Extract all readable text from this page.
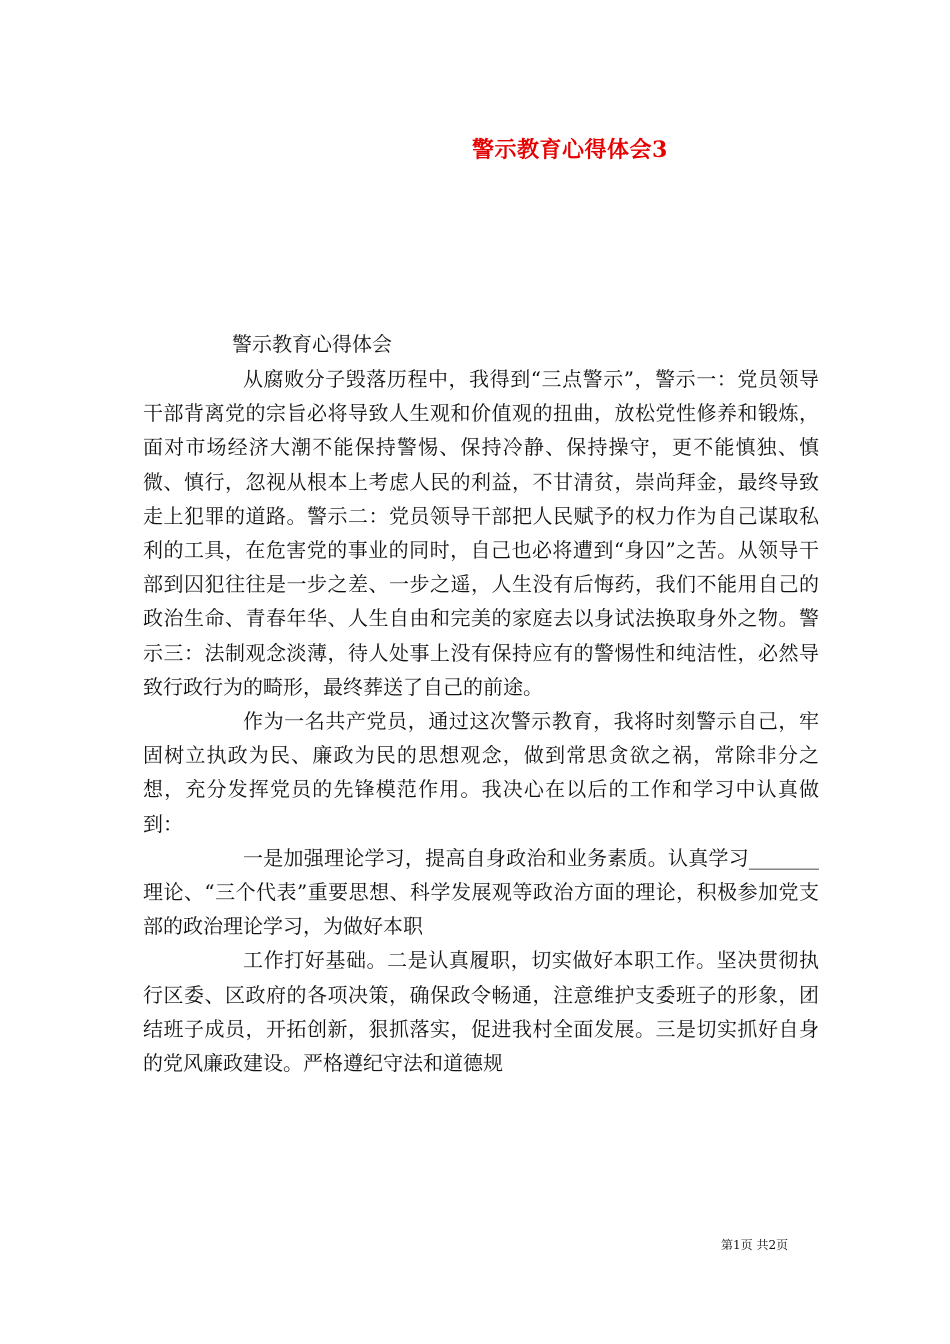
警示教育心得体会3
警示教育心得体会

从腐败分子毁落历程中，我得到“三点警示”，警示一：党员领导干部背离党的宗旨必将导致人生观和价值观的扭曲，放松党性修养和锻炼，面对市场经济大潮不能保持警惕、保持冷静、保持操守，更不能慎独、慎微、慎行，忽视从根本上考虑人民的利益，不甘清贫，崇尚拜金，最终导致走上犯罪的道路。警示二：党员领导干部把人民赋予的权力作为自己谋取私利的工具，在危害党的事业的同时，自己也必将遭到“身囚”之苦。从领导干部到囚犯往往是一步之差、一步之遥，人生没有后悔药，我们不能用自己的政治生命、青春年华、人生自由和完美的家庭去以身试法换取身外之物。警示三：法制观念淡薄，待人处事上没有保持应有的警惕性和纯洁性，必然导致行政行为的畸形，最终葬送了自己的前途。

作为一名共产党员，通过这次警示教育，我将时刻警示自己，牢固树立执政为民、廉政为民的思想观念，做到常思贪欲之祸，常除非分之想，充分发挥党员的先锋模范作用。我决心在以后的工作和学习中认真做到：

一是加强理论学习，提高自身政治和业务素质。认真学习_______理论、“三个代表”重要思想、科学发展观等政治方面的理论，积极参加党支部的政治理论学习，为做好本职

工作打好基础。二是认真履职，切实做好本职工作。坚决贯彻执行区委、区政府的各项决策，确保政令畅通，注意维护支委班子的形象，团结班子成员，开拓创新，狠抓落实，促进我村全面发展。三是切实抓好自身的党风廉政建设。严格遵纪守法和道德规

第1页 共2页
